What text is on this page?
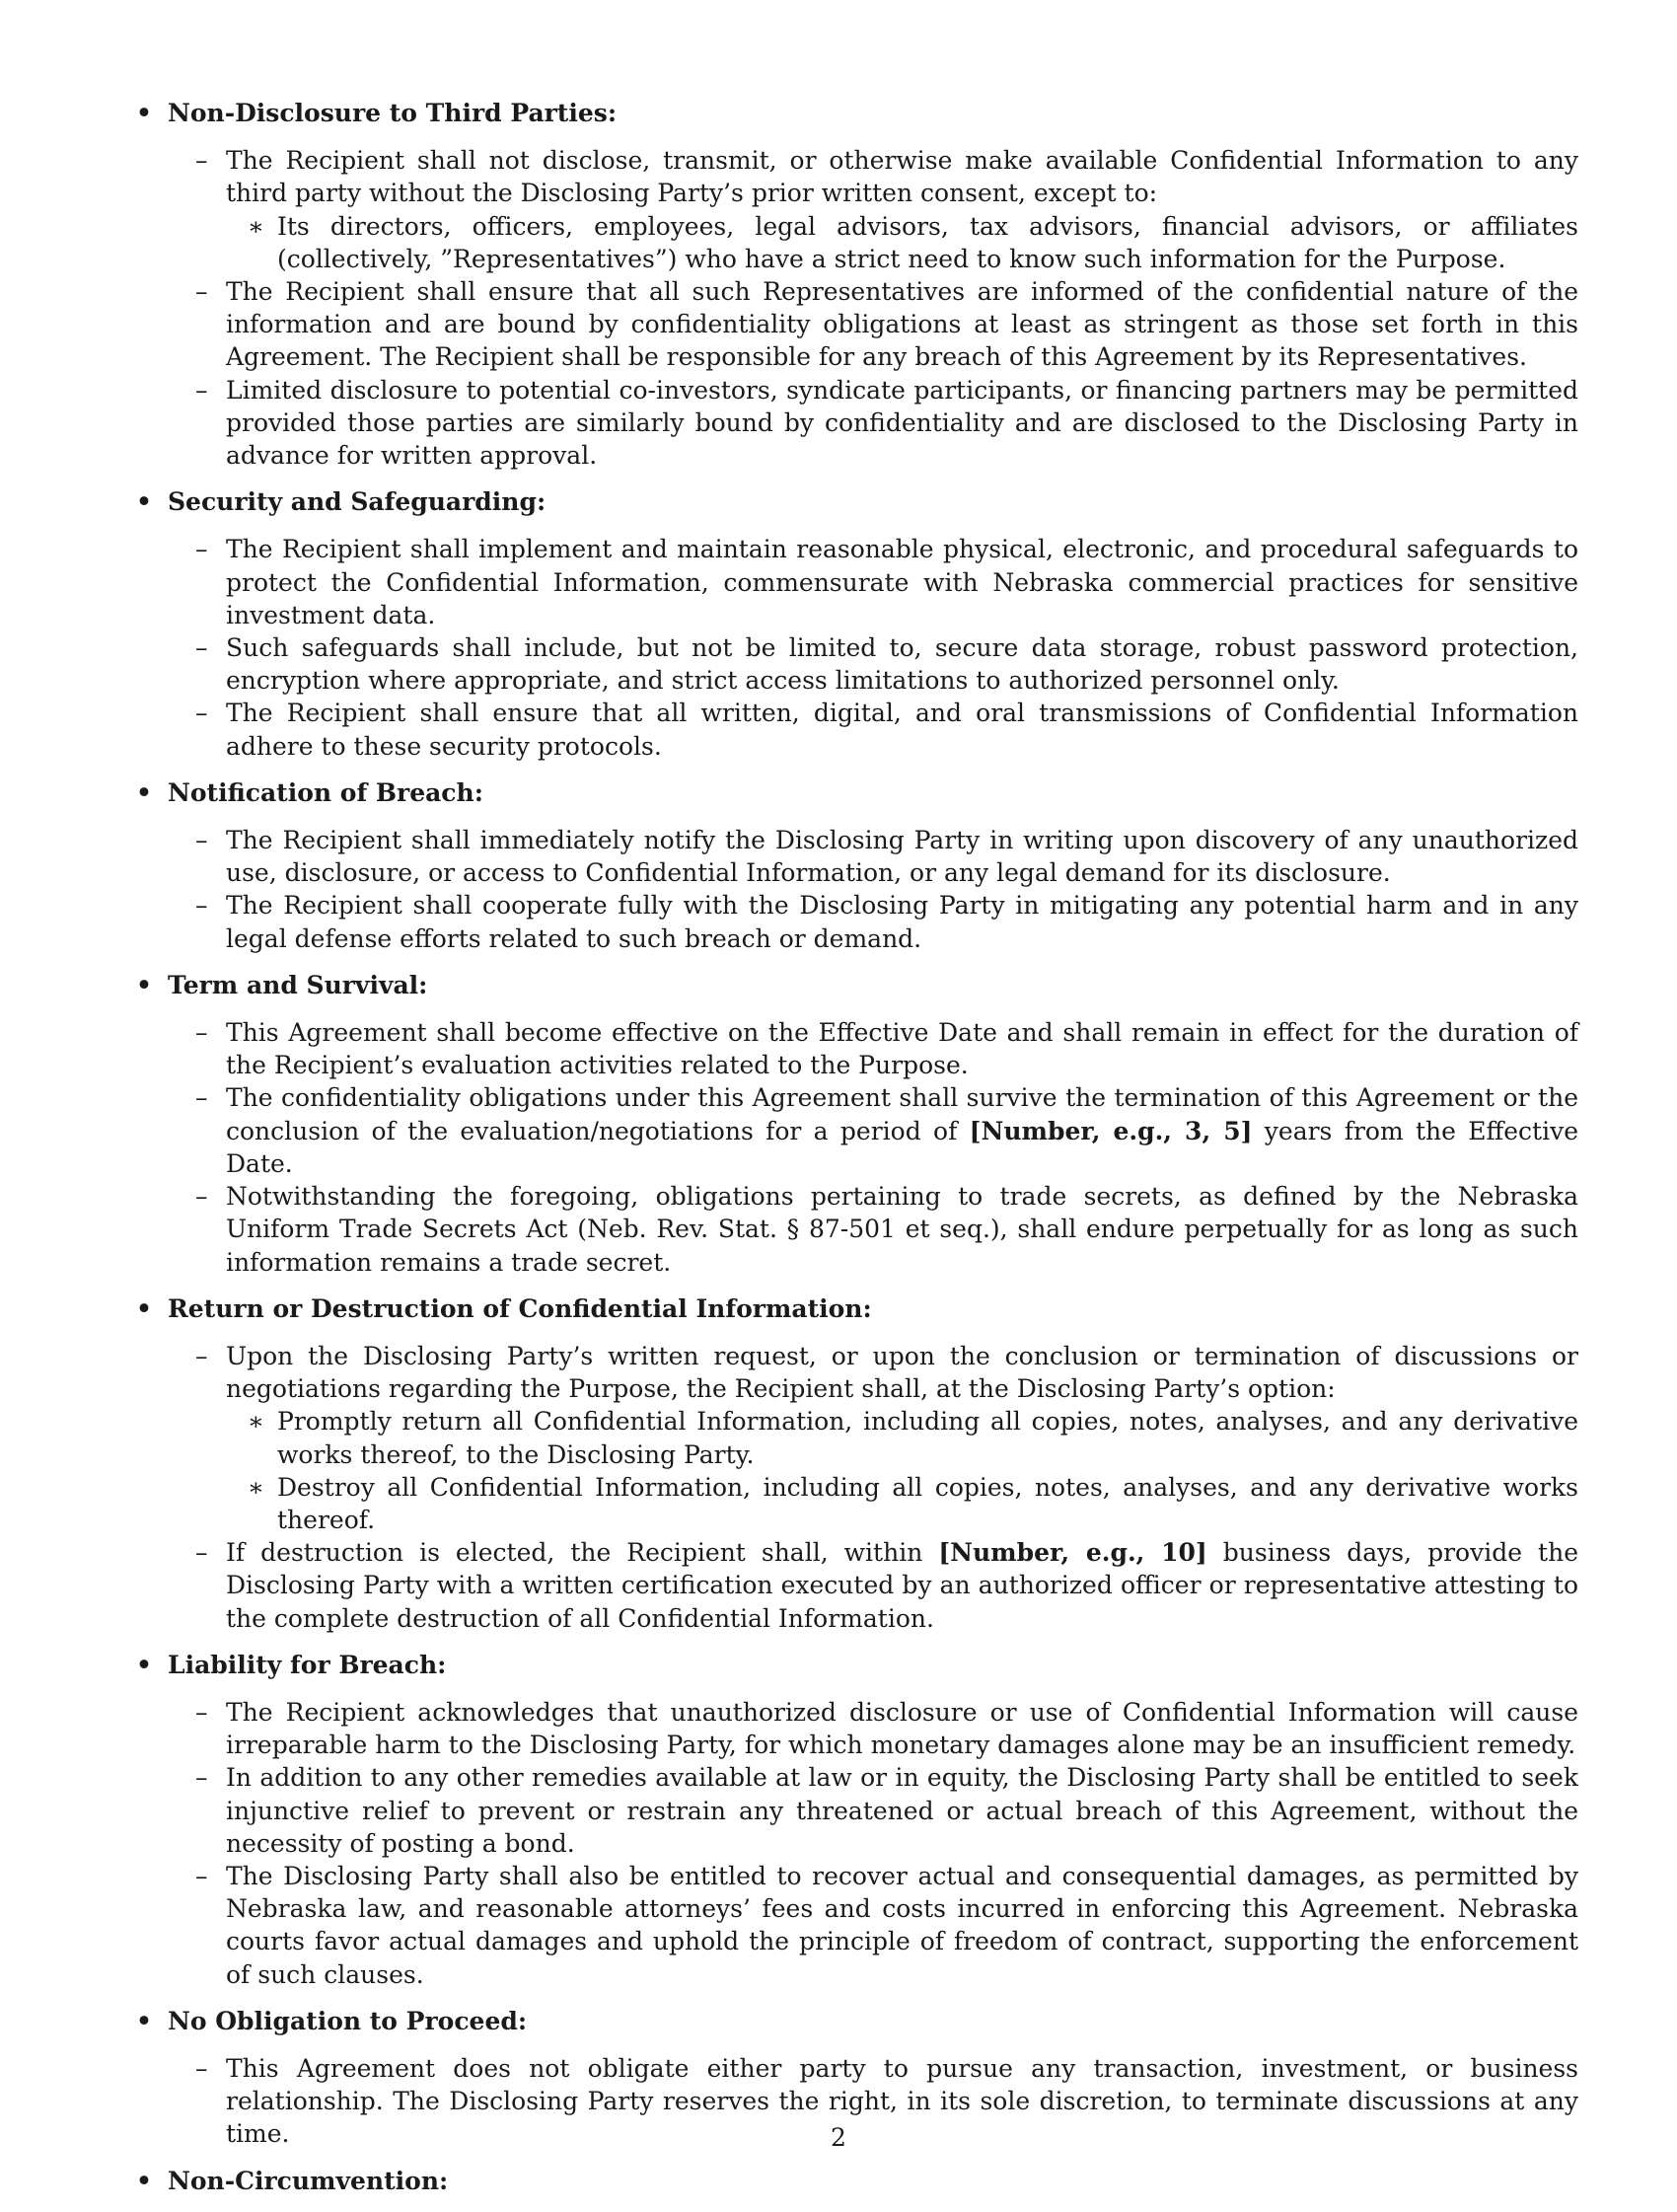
• Non-Disclosure to Third Parties:
– The Recipient shall not disclose, transmit, or otherwise make available Confidential Information to any third party without the Disclosing Party’s prior written consent, except to:
∗ Its directors, officers, employees, legal advisors, tax advisors, financial advisors, or affiliates (collectively, ”Representatives”) who have a strict need to know such information for the Purpose.
– The Recipient shall ensure that all such Representatives are informed of the confidential nature of the information and are bound by confidentiality obligations at least as stringent as those set forth in this Agreement. The Recipient shall be responsible for any breach of this Agreement by its Representatives.
– Limited disclosure to potential co-investors, syndicate participants, or financing partners may be permitted provided those parties are similarly bound by confidentiality and are disclosed to the Disclosing Party in advance for written approval.
• Security and Safeguarding:
– The Recipient shall implement and maintain reasonable physical, electronic, and procedural safeguards to protect the Confidential Information, commensurate with Nebraska commercial practices for sensitive investment data.
– Such safeguards shall include, but not be limited to, secure data storage, robust password protection, encryption where appropriate, and strict access limitations to authorized personnel only.
– The Recipient shall ensure that all written, digital, and oral transmissions of Confidential Information adhere to these security protocols.
• Notification of Breach:
– The Recipient shall immediately notify the Disclosing Party in writing upon discovery of any unauthorized use, disclosure, or access to Confidential Information, or any legal demand for its disclosure.
– The Recipient shall cooperate fully with the Disclosing Party in mitigating any potential harm and in any legal defense efforts related to such breach or demand.
• Term and Survival:
– This Agreement shall become effective on the Effective Date and shall remain in effect for the duration of the Recipient’s evaluation activities related to the Purpose.
– The confidentiality obligations under this Agreement shall survive the termination of this Agreement or the conclusion of the evaluation/negotiations for a period of [Number, e.g., 3, 5] years from the Effective Date.
– Notwithstanding the foregoing, obligations pertaining to trade secrets, as defined by the Nebraska Uniform Trade Secrets Act (Neb. Rev. Stat. § 87-501 et seq.), shall endure perpetually for as long as such information remains a trade secret.
• Return or Destruction of Confidential Information:
– Upon the Disclosing Party’s written request, or upon the conclusion or termination of discussions or negotiations regarding the Purpose, the Recipient shall, at the Disclosing Party’s option:
∗ Promptly return all Confidential Information, including all copies, notes, analyses, and any derivative works thereof, to the Disclosing Party.
∗ Destroy all Confidential Information, including all copies, notes, analyses, and any derivative works thereof.
– If destruction is elected, the Recipient shall, within [Number, e.g., 10] business days, provide the Disclosing Party with a written certification executed by an authorized officer or representative attesting to the complete destruction of all Confidential Information.
• Liability for Breach:
– The Recipient acknowledges that unauthorized disclosure or use of Confidential Information will cause irreparable harm to the Disclosing Party, for which monetary damages alone may be an insufficient remedy.
– In addition to any other remedies available at law or in equity, the Disclosing Party shall be entitled to seek injunctive relief to prevent or restrain any threatened or actual breach of this Agreement, without the necessity of posting a bond.
– The Disclosing Party shall also be entitled to recover actual and consequential damages, as permitted by Nebraska law, and reasonable attorneys’ fees and costs incurred in enforcing this Agreement. Nebraska courts favor actual damages and uphold the principle of freedom of contract, supporting the enforcement of such clauses.
• No Obligation to Proceed:
– This Agreement does not obligate either party to pursue any transaction, investment, or business relationship. The Disclosing Party reserves the right, in its sole discretion, to terminate discussions at any time.
• Non-Circumvention:
2
